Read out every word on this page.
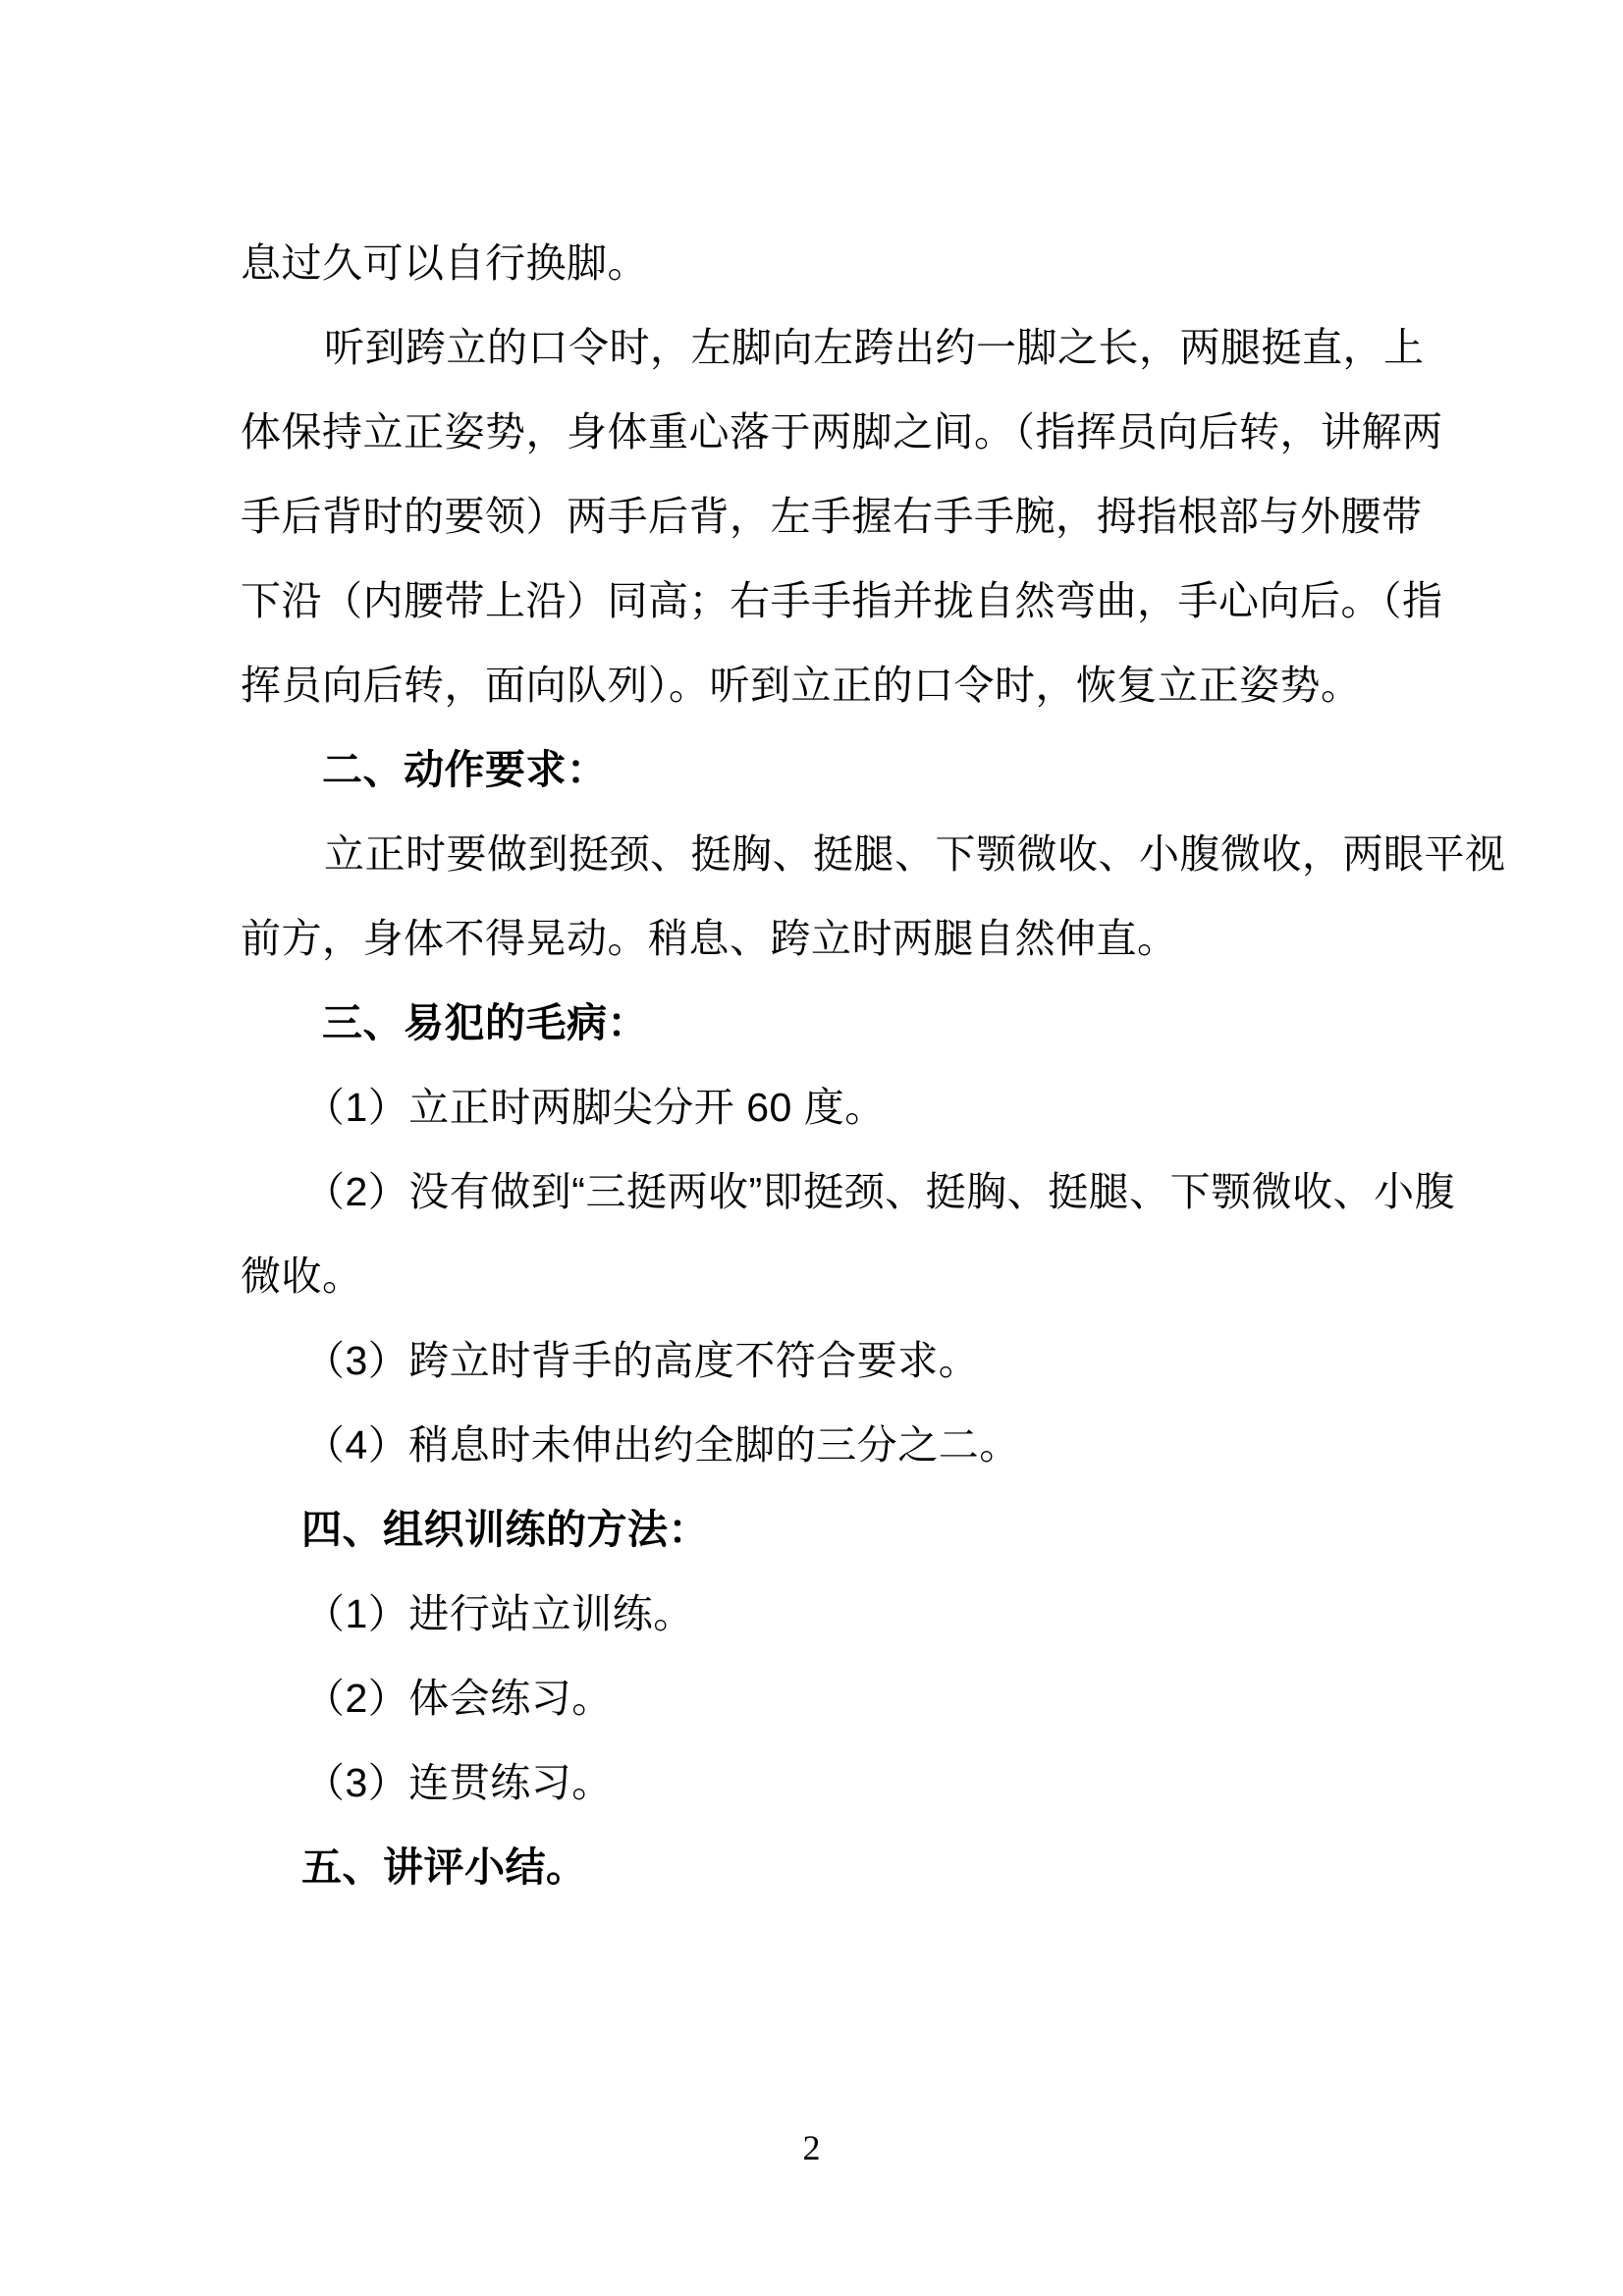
息过久可以自行换脚。
听到跨立的口令时，左脚向左跨出约一脚之长，两腿挺直，上
体保持立正姿势，身体重心落于两脚之间。（指挥员向后转，讲解两
手后背时的要领）两手后背，左手握右手手腕，拇指根部与外腰带
下沿（内腰带上沿）同高；右手手指并拢自然弯曲，手心向后。（指
挥员向后转，面向队列）。听到立正的口令时，恢复立正姿势。
二、动作要求：
立正时要做到挺颈、挺胸、挺腿、下颚微收、小腹微收，两眼平视
前方，身体不得晃动。稍息、跨立时两腿自然伸直。
三、易犯的毛病：
（1）立正时两脚尖分开 60 度。
（2）没有做到“三挺两收”即挺颈、挺胸、挺腿、下颚微收、小腹
微收。
（3）跨立时背手的高度不符合要求。
（4）稍息时未伸出约全脚的三分之二。
四、组织训练的方法：
（1）进行站立训练。
（2）体会练习。
（3）连贯练习。
五、讲评小结。
2
